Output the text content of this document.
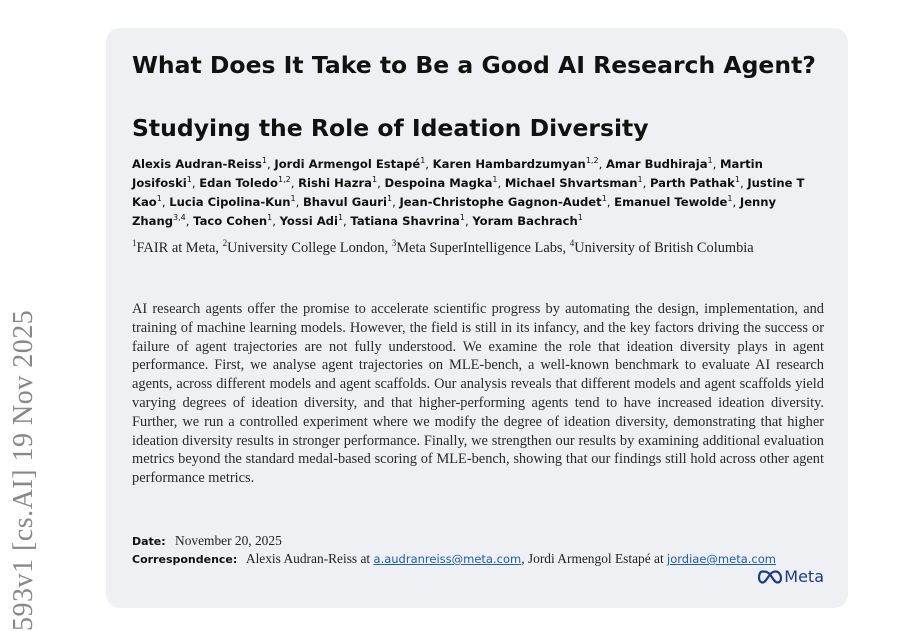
593v1 [cs.AI] 19 Nov 2025
What Does It Take to Be a Good AI Research Agent?
Studying the Role of Ideation Diversity
Alexis Audran-Reiss$^1$, Jordi Armengol Estapé$^1$, Karen Hambardzumyan$^{1,2}$, Amar Budhiraja$^1$, Martin Josifoski$^1$, Edan Toledo$^{1,2}$, Rishi Hazra$^1$, Despoina Magka$^1$, Michael Shvartsman$^1$, Parth Pathak$^1$, Justine T Kao$^1$, Lucia Cipolina-Kun$^1$, Bhavul Gauri$^1$, Jean-Christophe Gagnon-Audet$^1$, Emanuel Tewolde$^1$, Jenny Zhang$^{3,4}$, Taco Cohen$^1$, Yossi Adi$^1$, Tatiana Shavrina$^1$, Yoram Bachrach$^1$
$^1$FAIR at Meta, $^2$University College London, $^3$Meta SuperIntelligence Labs, $^4$University of British Columbia
AI research agents offer the promise to accelerate scientific progress by automating the design, implementation, and training of machine learning models. However, the field is still in its infancy, and the key factors driving the success or failure of agent trajectories are not fully understood. We examine the role that ideation diversity plays in agent performance. First, we analyse agent trajectories on MLE-bench, a well-known benchmark to evaluate AI research agents, across different models and agent scaffolds. Our analysis reveals that different models and agent scaffolds yield varying degrees of ideation diversity, and that higher-performing agents tend to have increased ideation diversity. Further, we run a controlled experiment where we modify the degree of ideation diversity, demonstrating that higher ideation diversity results in stronger performance. Finally, we strengthen our results by examining additional evaluation metrics beyond the standard medal-based scoring of MLE-bench, showing that our findings still hold across other agent performance metrics.
Date: November 20, 2025
Correspondence: Alexis Audran-Reiss at a.audranreiss@meta.com, Jordi Armengol Estapé at jordiae@meta.com
Meta
